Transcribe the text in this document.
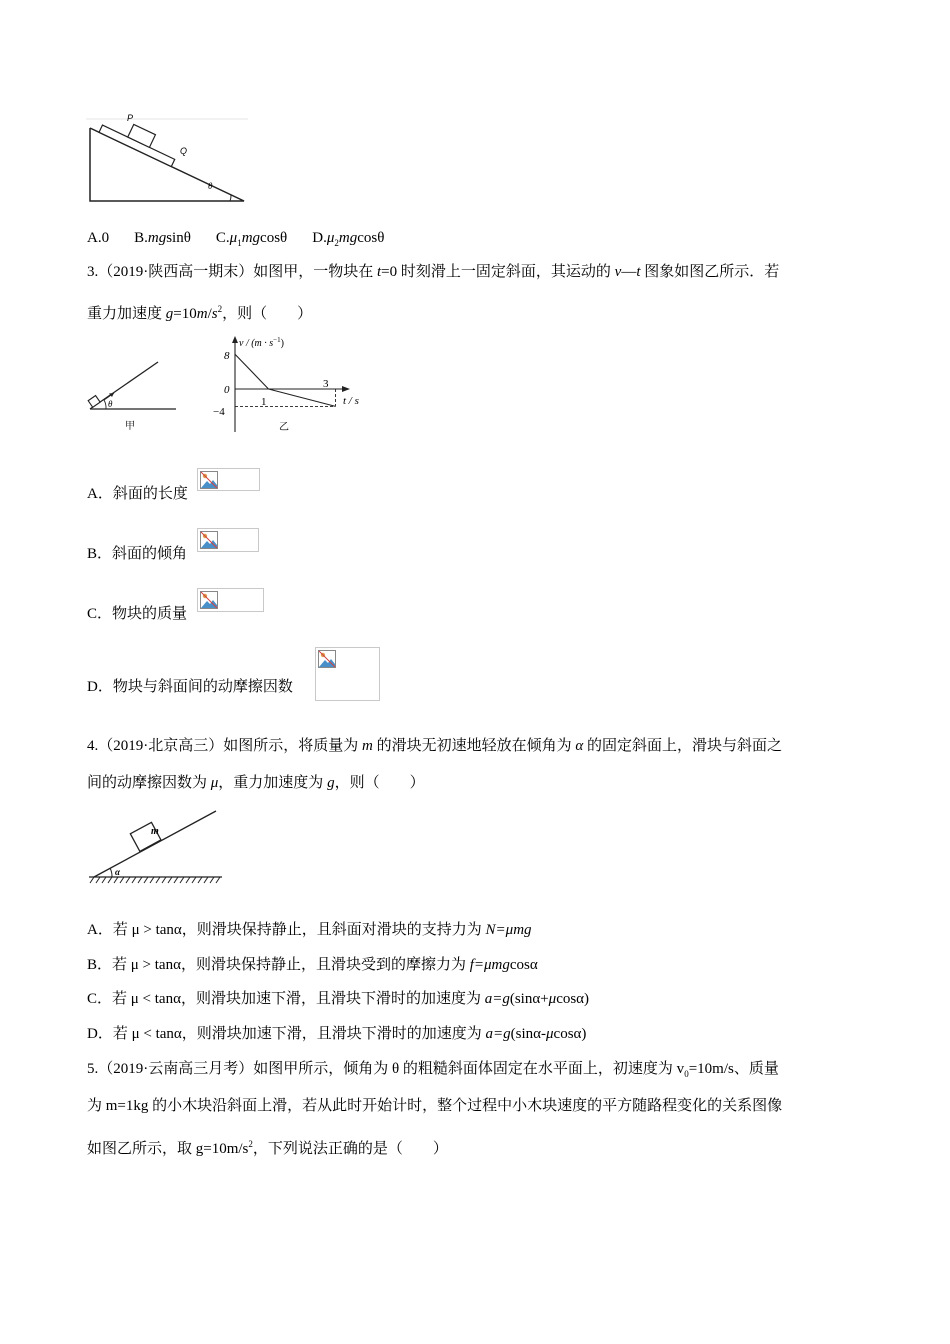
P
Q
θ
A.0 B.mgsinθ $C.\mu_1mgcos\theta$ $D.\mu_2mgcos\theta$
3.（2019·陕西高一期末）如图甲，一物块在 t=0 时刻滑上一固定斜面，其运动的 v—t 图象如图乙所示．若
重力加速度 $g=10m/s^2$，则（　　）
θ
甲
$v / (m \cdot s^{-1})$
t / s
8
0
−4
1
3
乙
A．斜面的长度
B．斜面的倾角
C．物块的质量
D．物块与斜面间的动摩擦因数
4.（2019·北京高三）如图所示，将质量为 m 的滑块无初速地轻放在倾角为 α 的固定斜面上，滑块与斜面之
间的动摩擦因数为 μ，重力加速度为 g，则（　　）
m
α
A．若 μ > tanα，则滑块保持静止，且斜面对滑块的支持力为 N=μmg
B．若 μ > tanα，则滑块保持静止，且滑块受到的摩擦力为 f=μmgcosα
C．若 μ < tanα，则滑块加速下滑，且滑块下滑时的加速度为 a=g(sinα+μcosα)
D．若 μ < tanα，则滑块加速下滑，且滑块下滑时的加速度为 a=g(sinα-μcosα)
5.（2019·云南高三月考）如图甲所示，倾角为 θ 的粗糙斜面体固定在水平面上，初速度为 $v_0=10m/s$、质量
为 m=1kg 的小木块沿斜面上滑，若从此时开始计时，整个过程中小木块速度的平方随路程变化的关系图像
如图乙所示，取 $g=10m/s^2$，下列说法正确的是（　　）
